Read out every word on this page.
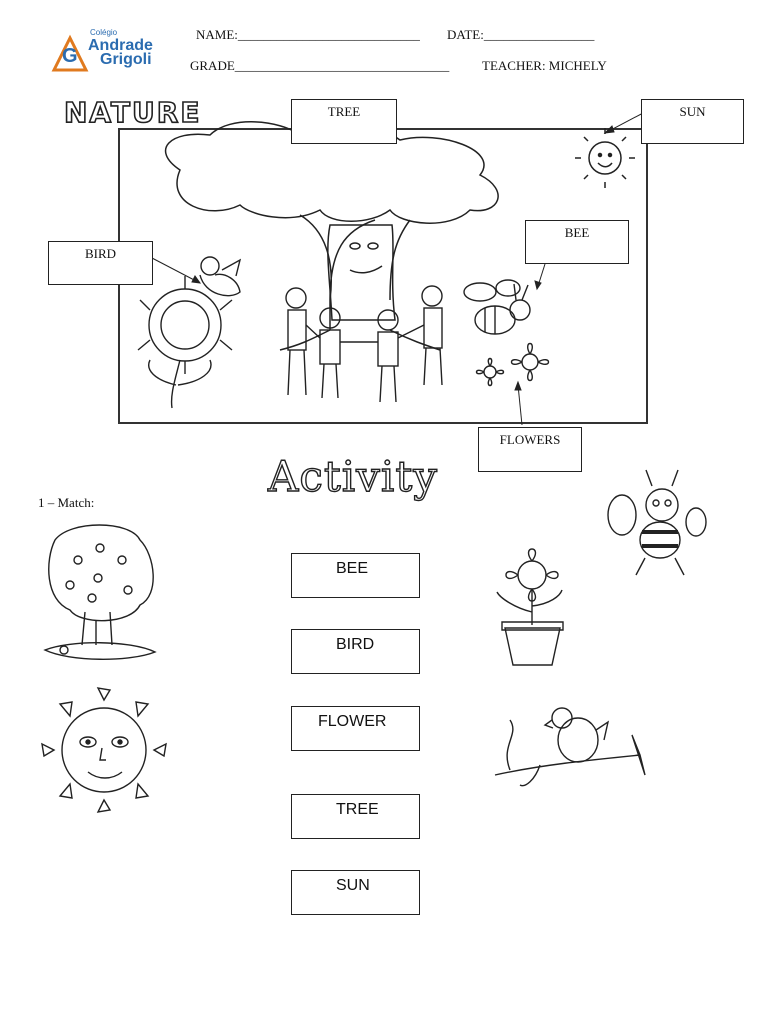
G
Colégio
Andrade
Grigoli
NAME:____________________________ DATE:_________________
GRADE_________________________________	TEACHER: MICHELY
NATURE	TREE	SUN
BIRD
BEE
FLOWERS
Activity
1 – Match:
BEE
BIRD
FLOWER
TREE
SUN
